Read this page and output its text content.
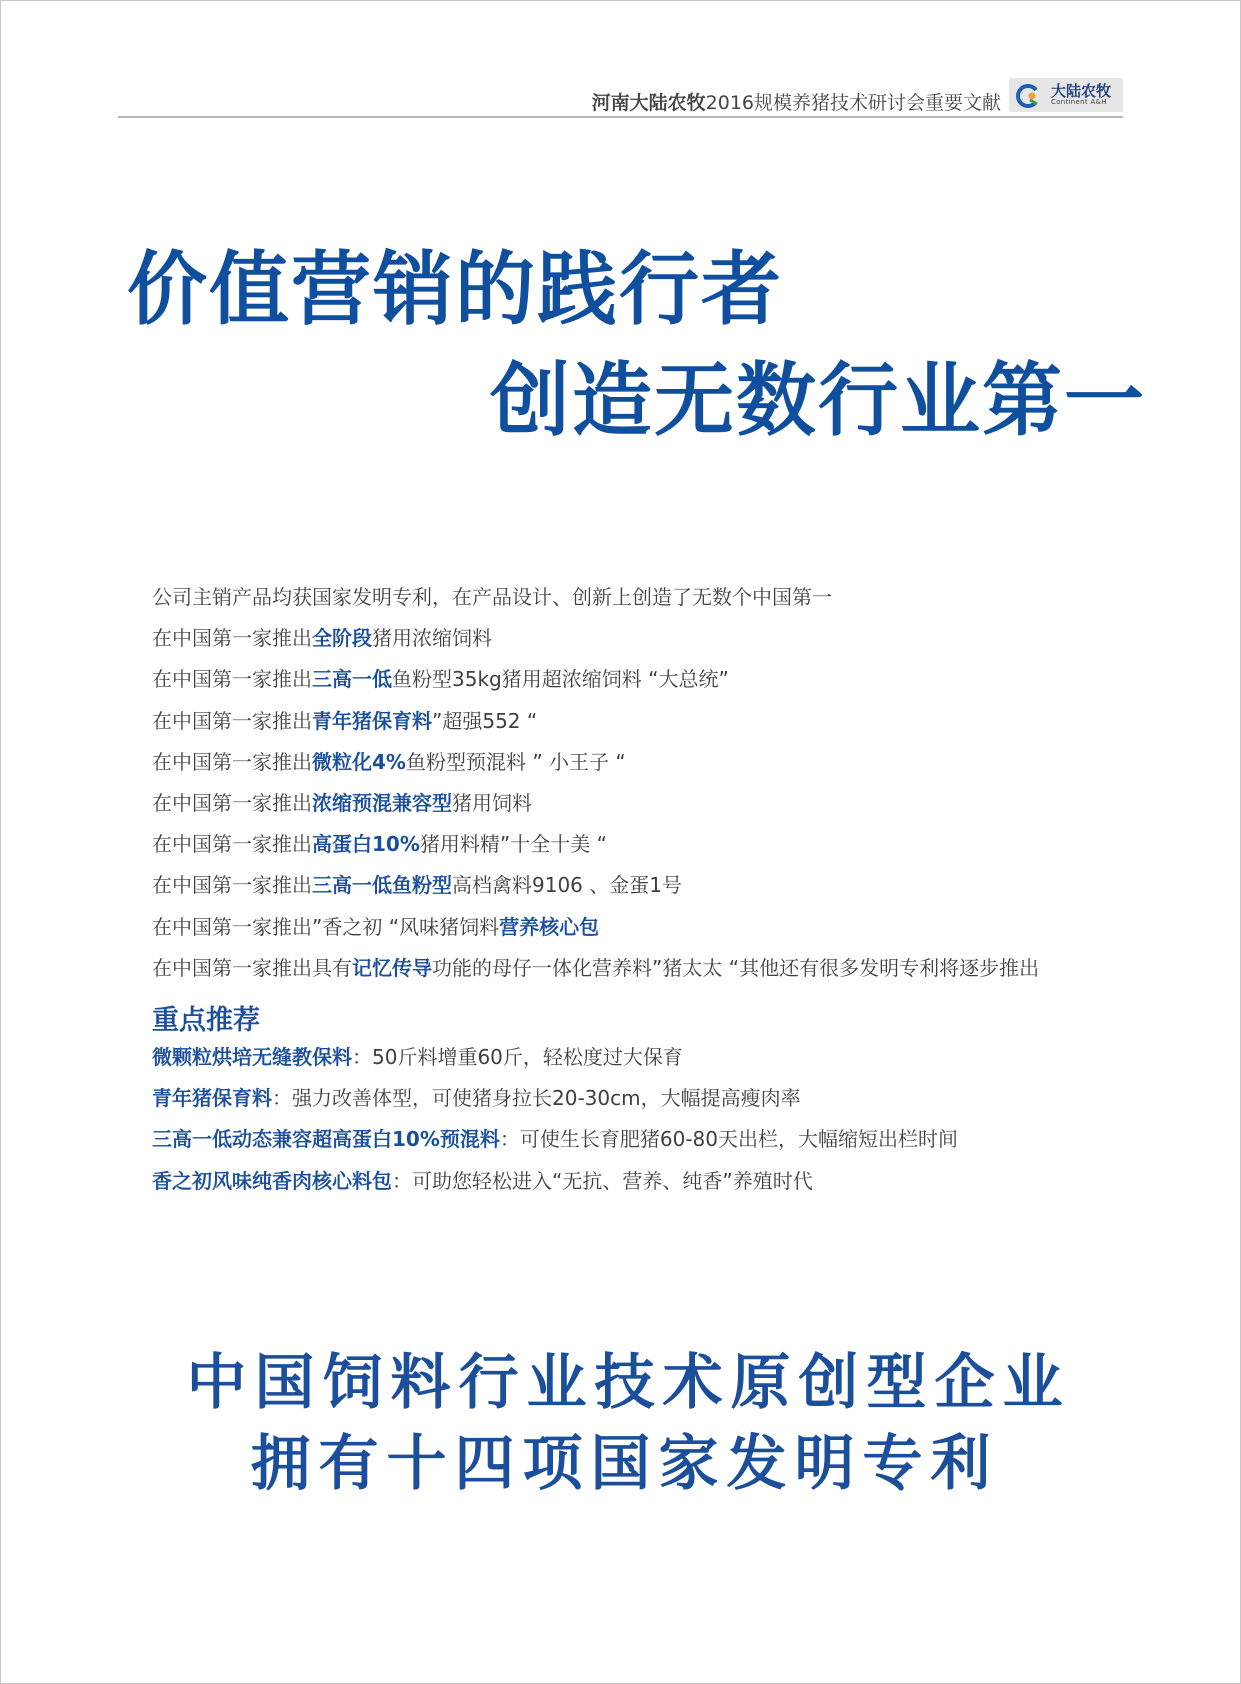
河南大陆农牧2016规模养猪技术研讨会重要文献
大陆农牧
Continent A&H
价值营销的践行者
创造无数行业第一
公司主销产品均获国家发明专利，在产品设计、创新上创造了无数个中国第一
在中国第一家推出全阶段猪用浓缩饲料
在中国第一家推出三高一低鱼粉型35kg猪用超浓缩饲料 “大总统”
在中国第一家推出青年猪保育料”超强552 “
在中国第一家推出微粒化4%鱼粉型预混料 ” 小王子 “
在中国第一家推出浓缩预混兼容型猪用饲料
在中国第一家推出高蛋白10%猪用料精”十全十美 “
在中国第一家推出三高一低鱼粉型高档禽料9106 、金蛋1号
在中国第一家推出”香之初 “风味猪饲料营养核心包
在中国第一家推出具有记忆传导功能的母仔一体化营养料”猪太太 “其他还有很多发明专利将逐步推出
重点推荐
微颗粒烘培无缝教保料：50斤料增重60斤，轻松度过大保育
青年猪保育料：强力改善体型，可使猪身拉长20-30cm，大幅提高瘦肉率
三高一低动态兼容超高蛋白10%预混料：可使生长育肥猪60-80天出栏，大幅缩短出栏时间
香之初风味纯香肉核心料包：可助您轻松进入“无抗、营养、纯香”养殖时代
中国饲料行业技术原创型企业
拥有十四项国家发明专利
